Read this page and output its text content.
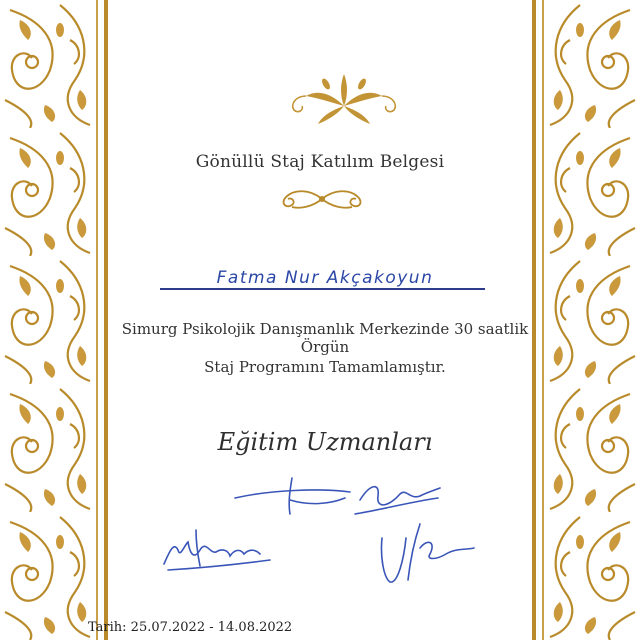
Gönüllü Staj Katılım Belgesi
Fatma Nur Akçakoyun
Simurg Psikolojik Danışmanlık Merkezinde 30 saatlik Örgün
Staj Programını Tamamlamıştır.
Eğitim Uzmanları
Tarih: 25.07.2022 - 14.08.2022
